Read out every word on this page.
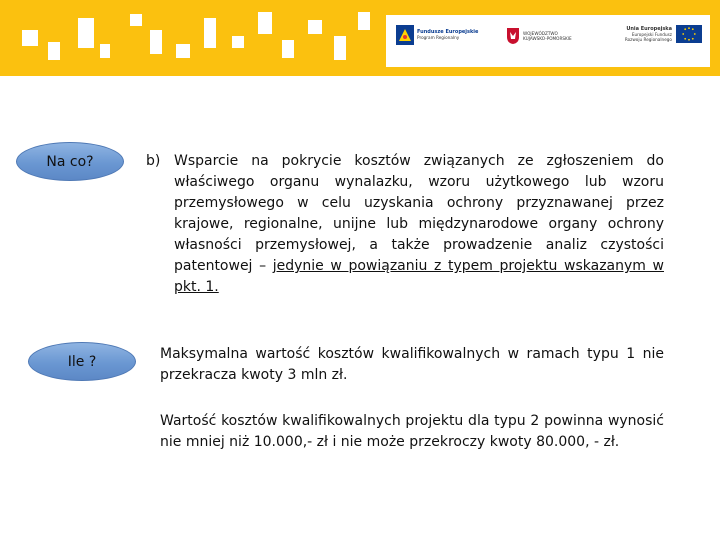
Fundusze Europejskie
Program Regionalny
WOJEWÓDZTWO KUJAWSKO-POMORSKIE
Unia Europejska
Europejski Fundusz Rozwoju Regionalnego
Na co?	b) Wsparcie na pokrycie kosztów związanych ze zgłoszeniem do właściwego organu wynalazku, wzoru użytkowego lub wzoru przemysłowego w celu uzyskania ochrony przyznawanej przez krajowe, regionalne, unijne lub międzynarodowe organy ochrony własności przemysłowej, a także prowadzenie analiz czystości patentowej – jedynie w powiązaniu z typem projektu wskazanym w pkt. 1.
Ile ?	Maksymalna wartość kosztów kwalifikowalnych w ramach typu 1 nie przekracza kwoty 3 mln zł.
Wartość kosztów kwalifikowalnych projektu dla typu 2 powinna wynosić nie mniej niż 10.000,- zł i nie może przekroczy kwoty 80.000, - zł.
